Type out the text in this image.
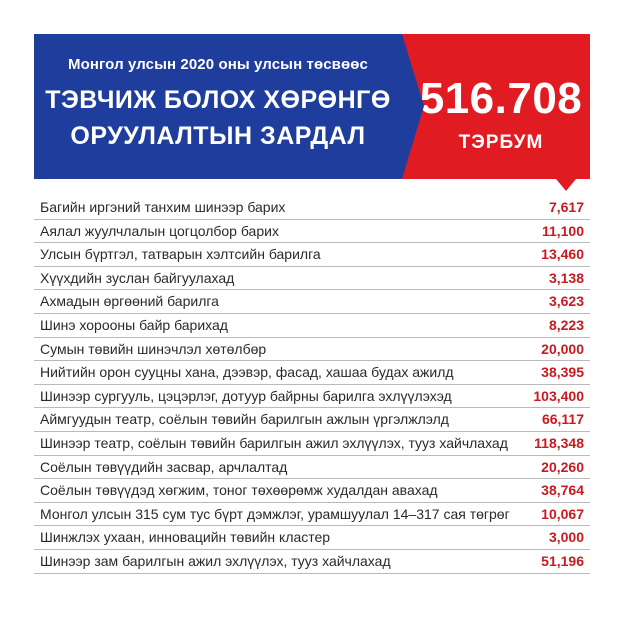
Монгол улсын 2020 оны улсын төсвөөс
ТЭВЧИЖ БОЛОХ ХӨРӨНГӨ
ОРУУЛАЛТЫН ЗАРДАЛ
516.708
ТЭРБУМ
Багийн иргэний танхим шинээр барих	7,617
Аялал жуулчлалын цогцолбор барих	11,100
Улсын бүртгэл, татварын хэлтсийн барилга	13,460
Хүүхдийн зуслан байгуулахад	3,138
Ахмадын өргөөний барилга	3,623
Шинэ хорооны байр барихад	8,223
Сумын төвийн шинэчлэл хөтөлбөр	20,000
Нийтийн орон сууцны хана, дээвэр, фасад, хашаа будах ажилд	38,395
Шинээр сургууль, цэцэрлэг, дотуур байрны барилга эхлүүлэхэд	103,400
Аймгуудын театр, соёлын төвийн барилгын ажлын үргэлжлэлд	66,117
Шинээр театр, соёлын төвийн барилгын ажил эхлүүлэх, тууз хайчлахад 118,348
Соёлын төвүүдийн засвар, арчлалтад	20,260
Соёлын төвүүдэд хөгжим, тоног төхөөрөмж худалдан авахад	38,764
Монгол улсын 315 сум тус бүрт дэмжлэг, урамшуулал 14–317 сая төгрөг 10,067
Шинжлэх ухаан, инновацийн төвийн кластер	3,000
Шинээр зам барилгын ажил эхлүүлэх, тууз хайчлахад	51,196
